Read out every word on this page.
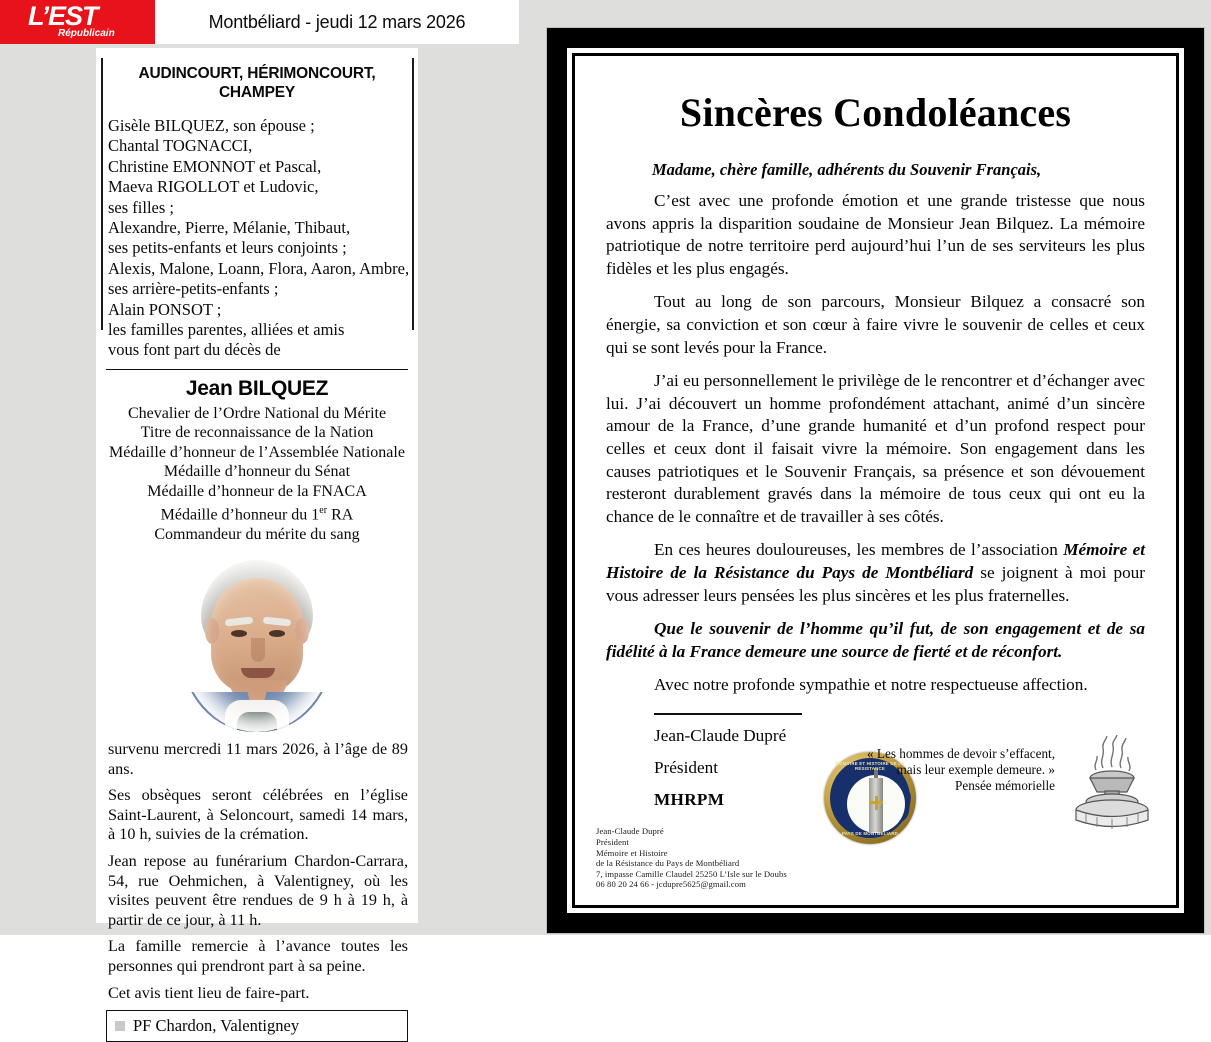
L’EST
Républicain
Montbéliard - jeudi 12 mars 2026
AUDINCOURT, HÉRIMONCOURT, CHAMPEY
Gisèle BILQUEZ, son épouse ;
Chantal TOGNACCI,
Christine EMONNOT et Pascal,
Maeva RIGOLLOT et Ludovic,
ses filles ;
Alexandre, Pierre, Mélanie, Thibaut,
ses petits-enfants et leurs conjoints ;
Alexis, Malone, Loann, Flora, Aaron, Ambre,
ses arrière-petits-enfants ;
Alain PONSOT ;
les familles parentes, alliées et amis
vous font part du décès de
Jean BILQUEZ
Chevalier de l’Ordre National du Mérite
Titre de reconnaissance de la Nation
Médaille d’honneur de l’Assemblée Nationale
Médaille d’honneur du Sénat
Médaille d’honneur de la FNACA
Médaille d’honneur du 1er RA
Commandeur du mérite du sang

survenu mercredi 11 mars 2026, à l’âge de 89 ans.

Ses obsèques seront célébrées en l’église Saint-Laurent, à Seloncourt, samedi 14 mars, à 10 h, suivies de la crémation.

Jean repose au funérarium Chardon-Carrara, 54, rue Oehmichen, à Valentigney, où les visites peuvent être rendues de 9 h à 19 h, à partir de ce jour, à 11 h.

La famille remercie à l’avance toutes les personnes qui prendront part à sa peine.

Cet avis tient lieu de faire-part.

PF Chardon, Valentigney
Sincères Condoléances
Madame, chère famille, adhérents du Souvenir Français,

C’est avec une profonde émotion et une grande tristesse que nous avons appris la disparition soudaine de Monsieur Jean Bilquez. La mémoire patriotique de notre territoire perd aujourd’hui l’un de ses serviteurs les plus fidèles et les plus engagés.

Tout au long de son parcours, Monsieur Bilquez a consacré son énergie, sa conviction et son cœur à faire vivre le souvenir de celles et ceux qui se sont levés pour la France.

J’ai eu personnellement le privilège de le rencontrer et d’échanger avec lui. J’ai découvert un homme profondément attachant, animé d’un sincère amour de la France, d’une grande humanité et d’un profond respect pour celles et ceux dont il faisait vivre la mémoire. Son engagement dans les causes patriotiques et le Souvenir Français, sa présence et son dévouement resteront durablement gravés dans la mémoire de tous ceux qui ont eu la chance de le connaître et de travailler à ses côtés.

En ces heures douloureuses, les membres de l’association Mémoire et Histoire de la Résistance du Pays de Montbéliard se joignent à moi pour vous adresser leurs pensées les plus sincères et les plus fraternelles.

Que le souvenir de l’homme qu’il fut, de son engagement et de sa fidélité à la France demeure une source de fierté et de réconfort.

Avec notre profonde sympathie et notre respectueuse affection.

Jean-Claude Dupré
Président
MHRPM
MÉMOIRE ET HISTOIRE DE LA RÉSISTANCE
PAYS DE MONTBÉLIARD
« Les hommes de devoir s’effacent,
mais leur exemple demeure. »
Pensée mémorielle
Jean-Claude Dupré
Président
Mémoire et Histoire
de la Résistance du Pays de Montbéliard
7, impasse Camille Claudel 25250 L’Isle sur le Doubs
06 80 20 24 66 - jcdupre5625@gmail.com
